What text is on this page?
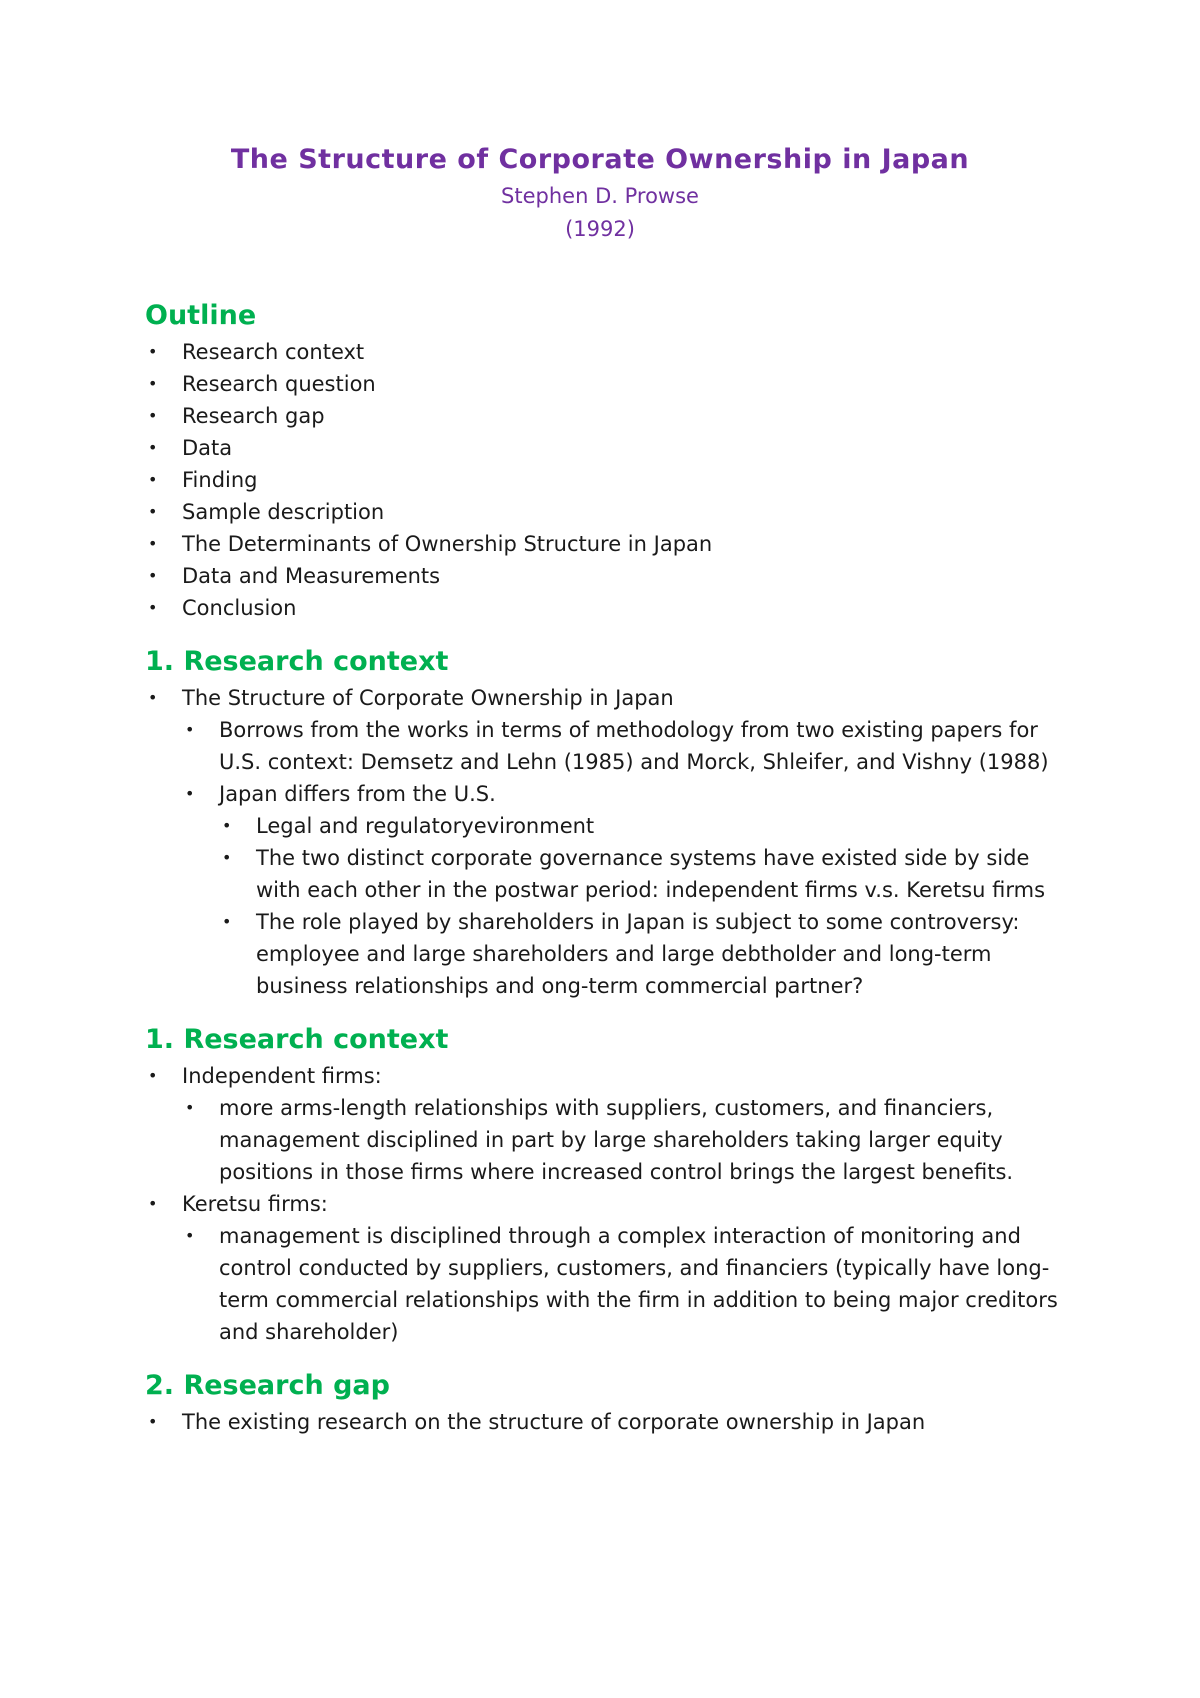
The Structure of Corporate Ownership in Japan
Stephen D. Prowse
(1992)
Outline
• Research context
• Research question
• Research gap
• Data
• Finding
• Sample description
• The Determinants of Ownership Structure in Japan
• Data and Measurements
• Conclusion
1. Research context
• The Structure of Corporate Ownership in Japan
• Borrows from the works in terms of methodology from two existing papers for U.S. context: Demsetz and Lehn (1985) and Morck, Shleifer, and Vishny (1988)
• Japan differs from the U.S.
• Legal and regulatoryevironment
• The two distinct corporate governance systems have existed side by side with each other in the postwar period: independent firms v.s. Keretsu firms
• The role played by shareholders in Japan is subject to some controversy: employee and large shareholders and large debtholder and long-term business relationships and ong-term commercial partner?
1. Research context
• Independent firms:
• more arms-length relationships with suppliers, customers, and financiers, management disciplined in part by large shareholders taking larger equity positions in those firms where increased control brings the largest benefits.
• Keretsu firms:
• management is disciplined through a complex interaction of monitoring and control conducted by suppliers, customers, and financiers (typically have long-term commercial relationships with the firm in addition to being major creditors and shareholder)
2. Research gap
• The existing research on the structure of corporate ownership in Japan
